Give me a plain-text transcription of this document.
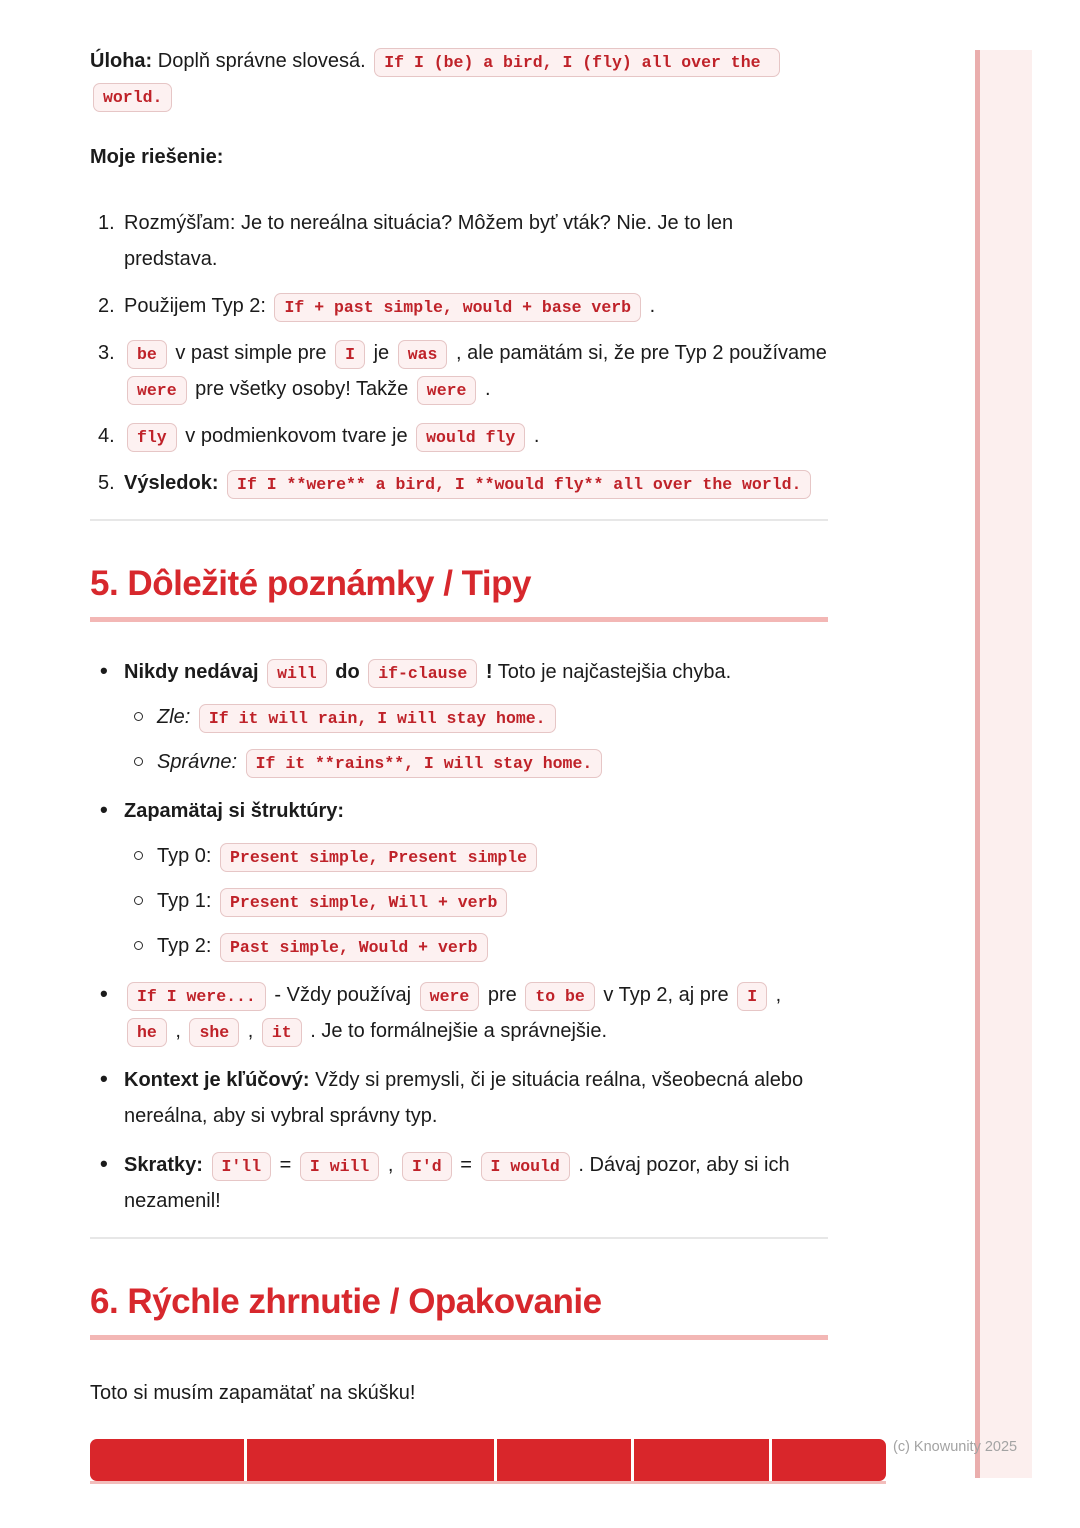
Úloha: Doplň správne slovesá. If I (be) a bird, I (fly) all over the world.

Moje riešenie:

Rozmýšľam: Je to nereálna situácia? Môžem byť vták? Nie. Je to len predstava.
Použijem Typ 2: If + past simple, would + base verb .
be v past simple pre I je was , ale pamätám si, že pre Typ 2 používame were pre všetky osoby! Takže were .
fly v podmienkovom tvare je would fly .
Výsledok: If I **were** a bird, I **would fly** all over the world.
5. Dôležité poznámky / Tipy
• Nikdy nedávaj will do if-clause ! Toto je najčastejšia chyba.
Zle: If it will rain, I will stay home.
Správne: If it **rains**, I will stay home.
• Zapamätaj si štruktúry:
Typ 0: Present simple, Present simple
Typ 1: Present simple, Will + verb
Typ 2: Past simple, Would + verb
• If I were... - Vždy používaj were pre to be v Typ 2, aj pre I , he , she , it . Je to formálnejšie a správnejšie.
• Kontext je kľúčový: Vždy si premysli, či je situácia reálna, všeobecná alebo nereálna, aby si vybral správny typ.
• Skratky: I'll = I will , I'd = I would . Dávaj pozor, aby si ich nezamenil!
6. Rýchle zhrnutie / Opakovanie

Toto si musím zapamätať na skúšku!

(c) Knowunity 2025
